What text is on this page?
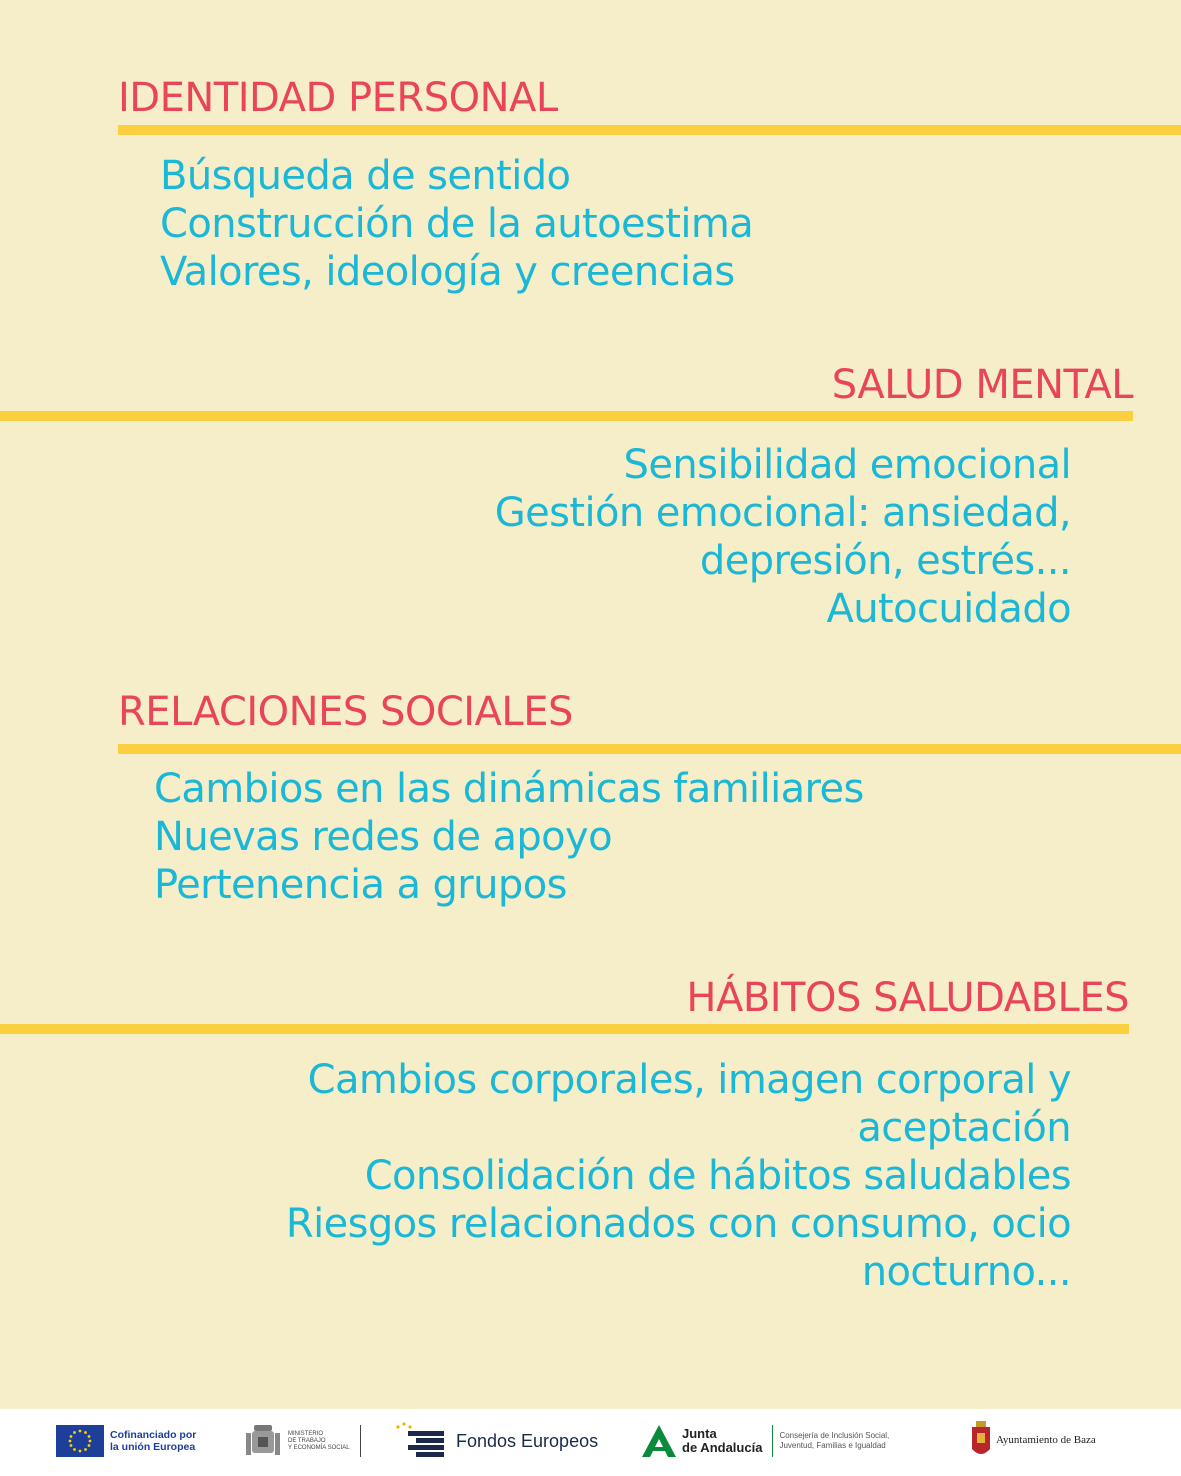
IDENTIDAD PERSONAL
Búsqueda de sentido
Construcción de la autoestima
Valores, ideología y creencias
SALUD MENTAL
Sensibilidad emocional
Gestión emocional: ansiedad,
depresión, estrés...
Autocuidado
RELACIONES SOCIALES
Cambios en las dinámicas familiares
Nuevas redes de apoyo
Pertenencia a grupos
HÁBITOS SALUDABLES
Cambios corporales, imagen corporal y
aceptación
Consolidación de hábitos saludables
Riesgos relacionados con consumo, ocio
nocturno...
Cofinanciado por
la unión Europea
MINISTERIO
DE TRABAJO
Y ECONOMÍA SOCIAL	Fondos Europeos	Junta
de Andalucía
Consejería de Inclusión Social,
Juventud, Familias e Igualdad	Ayuntamiento de Baza
